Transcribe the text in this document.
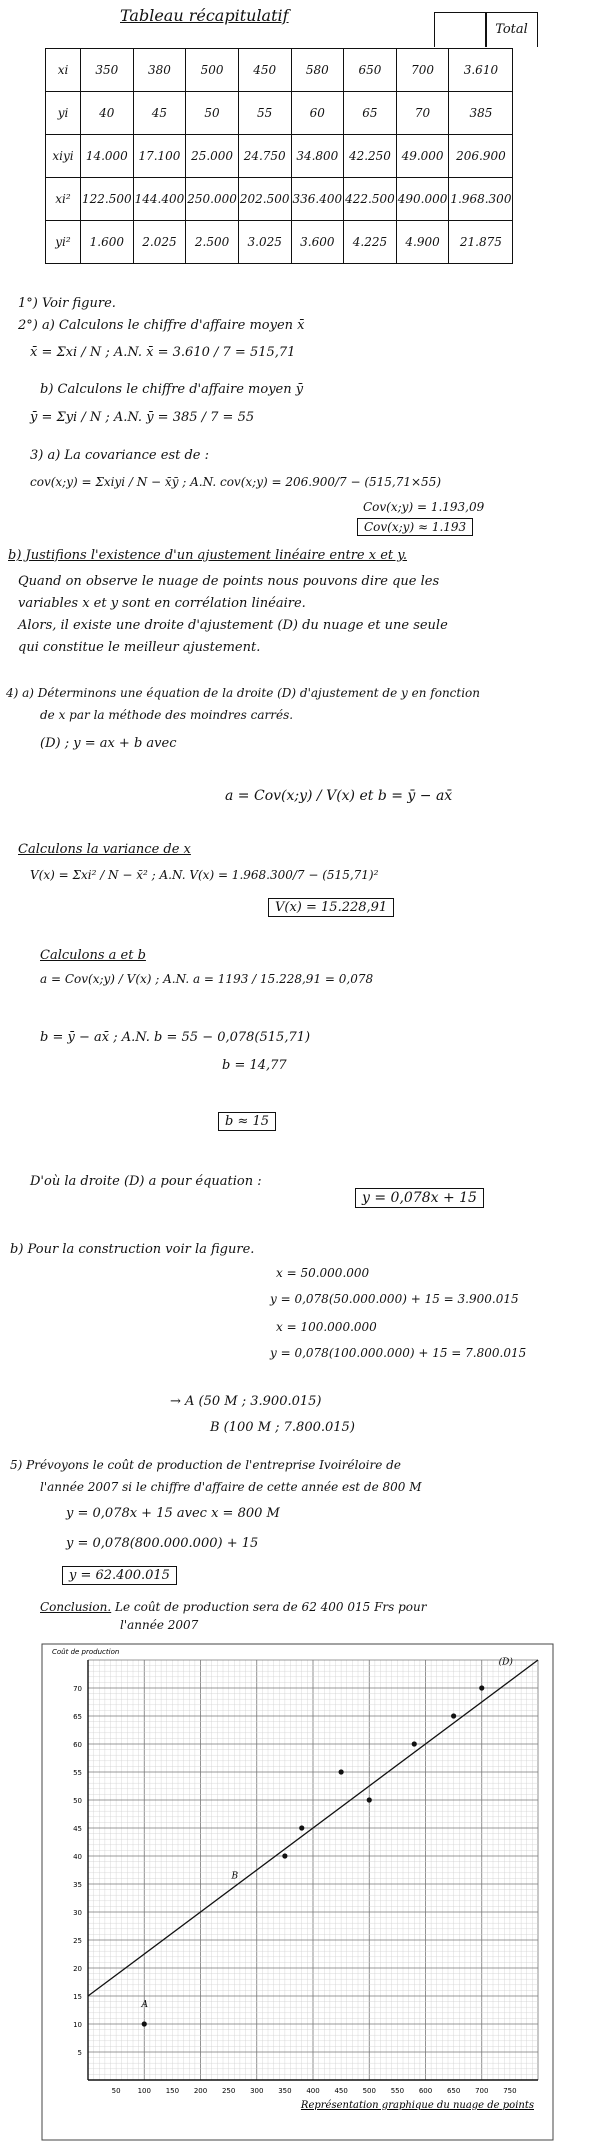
Tableau récapitulatif
Total
xi	350	380	500	450	580	650	700	3.610
yi	40	45	50	55	60	65	70	385
xiyi	14.000	17.100	25.000	24.750	34.800	42.250	49.000	206.900
xi²	122.500	144.400	250.000	202.500	336.400	422.500	490.000	1.968.300
yi²	1.600	2.025	2.500	3.025	3.600	4.225	4.900	21.875
1°) Voir figure.
2°) a) Calculons le chiffre d'affaire moyen x̄
x̄ = Σxi / N ; A.N. x̄ = 3.610 / 7 = 515,71
b) Calculons le chiffre d'affaire moyen ȳ
ȳ = Σyi / N ; A.N. ȳ = 385 / 7 = 55
3) a) La covariance est de :
cov(x;y) = Σxiyi / N − x̄ȳ ; A.N. cov(x;y) = 206.900/7 − (515,71×55)
Cov(x;y) = 1.193,09
Cov(x;y) ≈ 1.193
b) Justifions l'existence d'un ajustement linéaire entre x et y.
Quand on observe le nuage de points nous pouvons dire que les
variables x et y sont en corrélation linéaire.
Alors, il existe une droite d'ajustement (D) du nuage et une seule
qui constitue le meilleur ajustement.
4) a) Déterminons une équation de la droite (D) d'ajustement de y en fonction
de x par la méthode des moindres carrés.
(D) ; y = ax + b avec
a = Cov(x;y) / V(x) et b = ȳ − ax̄
Calculons la variance de x
V(x) = Σxi² / N − x̄² ; A.N. V(x) = 1.968.300/7 − (515,71)²
V(x) = 15.228,91
Calculons a et b
a = Cov(x;y) / V(x) ; A.N. a = 1193 / 15.228,91 = 0,078
b = ȳ − ax̄ ; A.N. b = 55 − 0,078(515,71)
b = 14,77
b ≈ 15
D'où la droite (D) a pour équation :
y = 0,078x + 15
b) Pour la construction voir la figure.
x = 50.000.000
y = 0,078(50.000.000) + 15 = 3.900.015
x = 100.000.000
y = 0,078(100.000.000) + 15 = 7.800.015
→ A (50 M ; 3.900.015)
B (100 M ; 7.800.015)
5) Prévoyons le coût de production de l'entreprise Ivoiréloire de
l'année 2007 si le chiffre d'affaire de cette année est de 800 M
y = 0,078x + 15 avec x = 800 M
y = 0,078(800.000.000) + 15
y = 62.400.015
Conclusion. Le coût de production sera de 62 400 015 Frs pour
l'année 2007
50 100 150 200 250 300 350 400 450 500 550 600 650 700 750
5
10
15
20
25
30
35
40
45
50
55
60
65
70
Coût de production
(D)
A
B
Représentation graphique du nuage de points
